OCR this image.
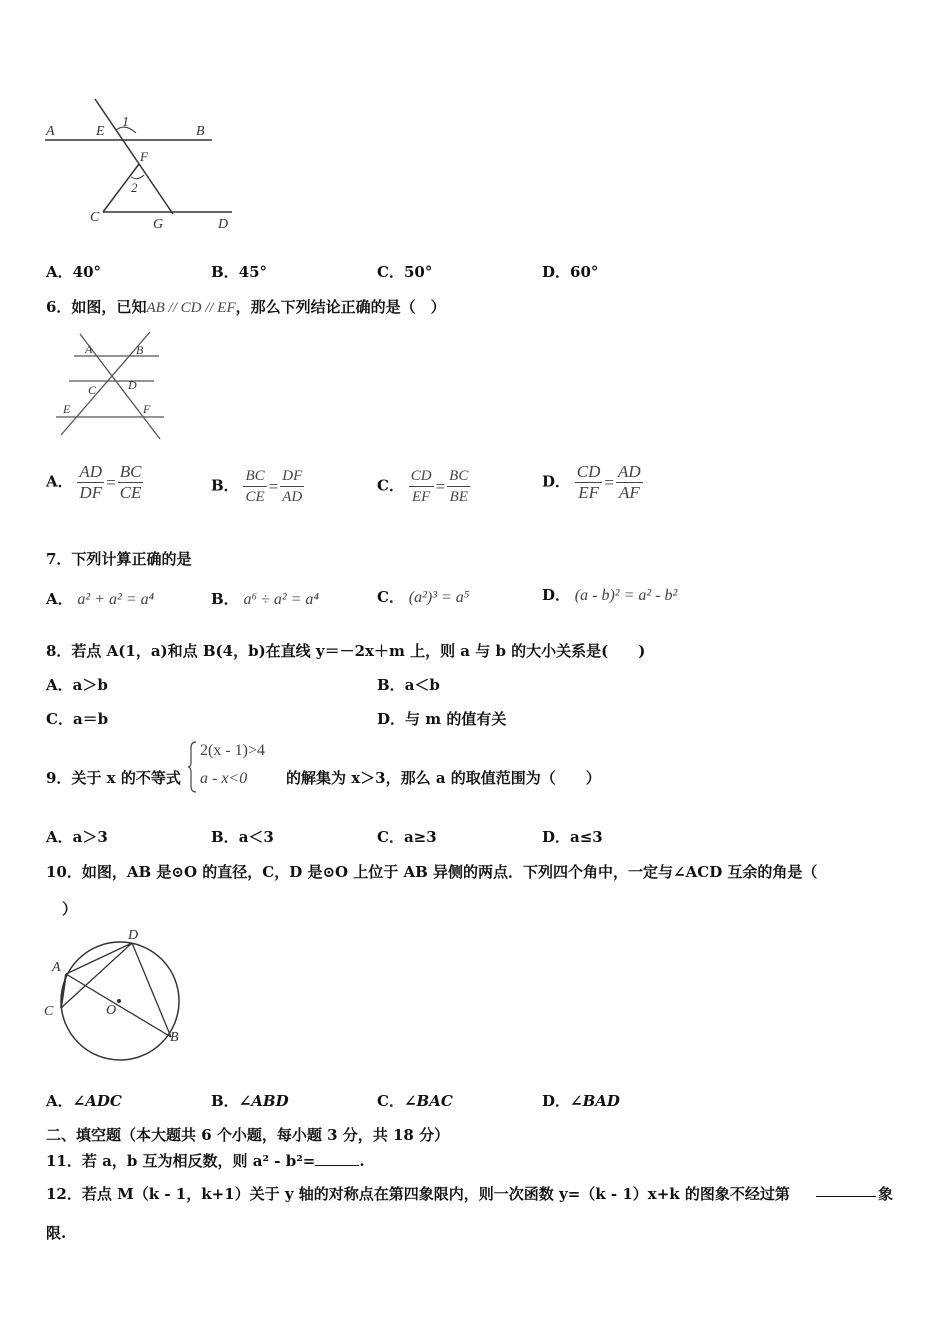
A	E
1
B
F
2
C	G	D
A．40°	B．45°	C．50°	D．60°
6．如图，已知AB // CD // EF，那么下列结论正确的是（　）
A	B
C	D
E	F
A． $\frac{AD}{DF} = \frac{BC}{CE}$	B． $\frac{BC}{CE} = \frac{DF}{AD}$	C． $\frac{CD}{EF} = \frac{BC}{BE}$	D． $\frac{CD}{EF} = \frac{AD}{AF}$
7．下列计算正确的是
A． a² + a² = a⁴	B． a⁶ ÷ a² = a⁴	C． (a²)³ = a⁵	D． (a - b)² = a² - b²
8．若点 A(1，a)和点 B(4，b)在直线 y＝－2x＋m 上，则 a 与 b 的大小关系是(　　)
A．a＞b	B．a＜b
C．a＝b	D．与 m 的值有关
9．关于 x 的不等式
2(x - 1)>4
a - x<0	的解集为 x＞3，那么 a 的取值范围为（　　）
A．a＞3	B．a＜3	C．a≥3	D．a≤3
10．如图，AB 是⊙O 的直径，C，D 是⊙O 上位于 AB 异侧的两点．下列四个角中，一定与∠ACD 互余的角是（
）
D
A
C	O
B
A．∠ADC	B．∠ABD	C．∠BAC	D．∠BAD
二、填空题（本大题共 6 个小题，每小题 3 分，共 18 分）
11．若 a，b 互为相反数，则 a² - b²=	.
12．若点 M（k - 1，k+1）关于 y 轴的对称点在第四象限内，则一次函数 y=（k - 1）x+k 的图象不经过第	象
限.
